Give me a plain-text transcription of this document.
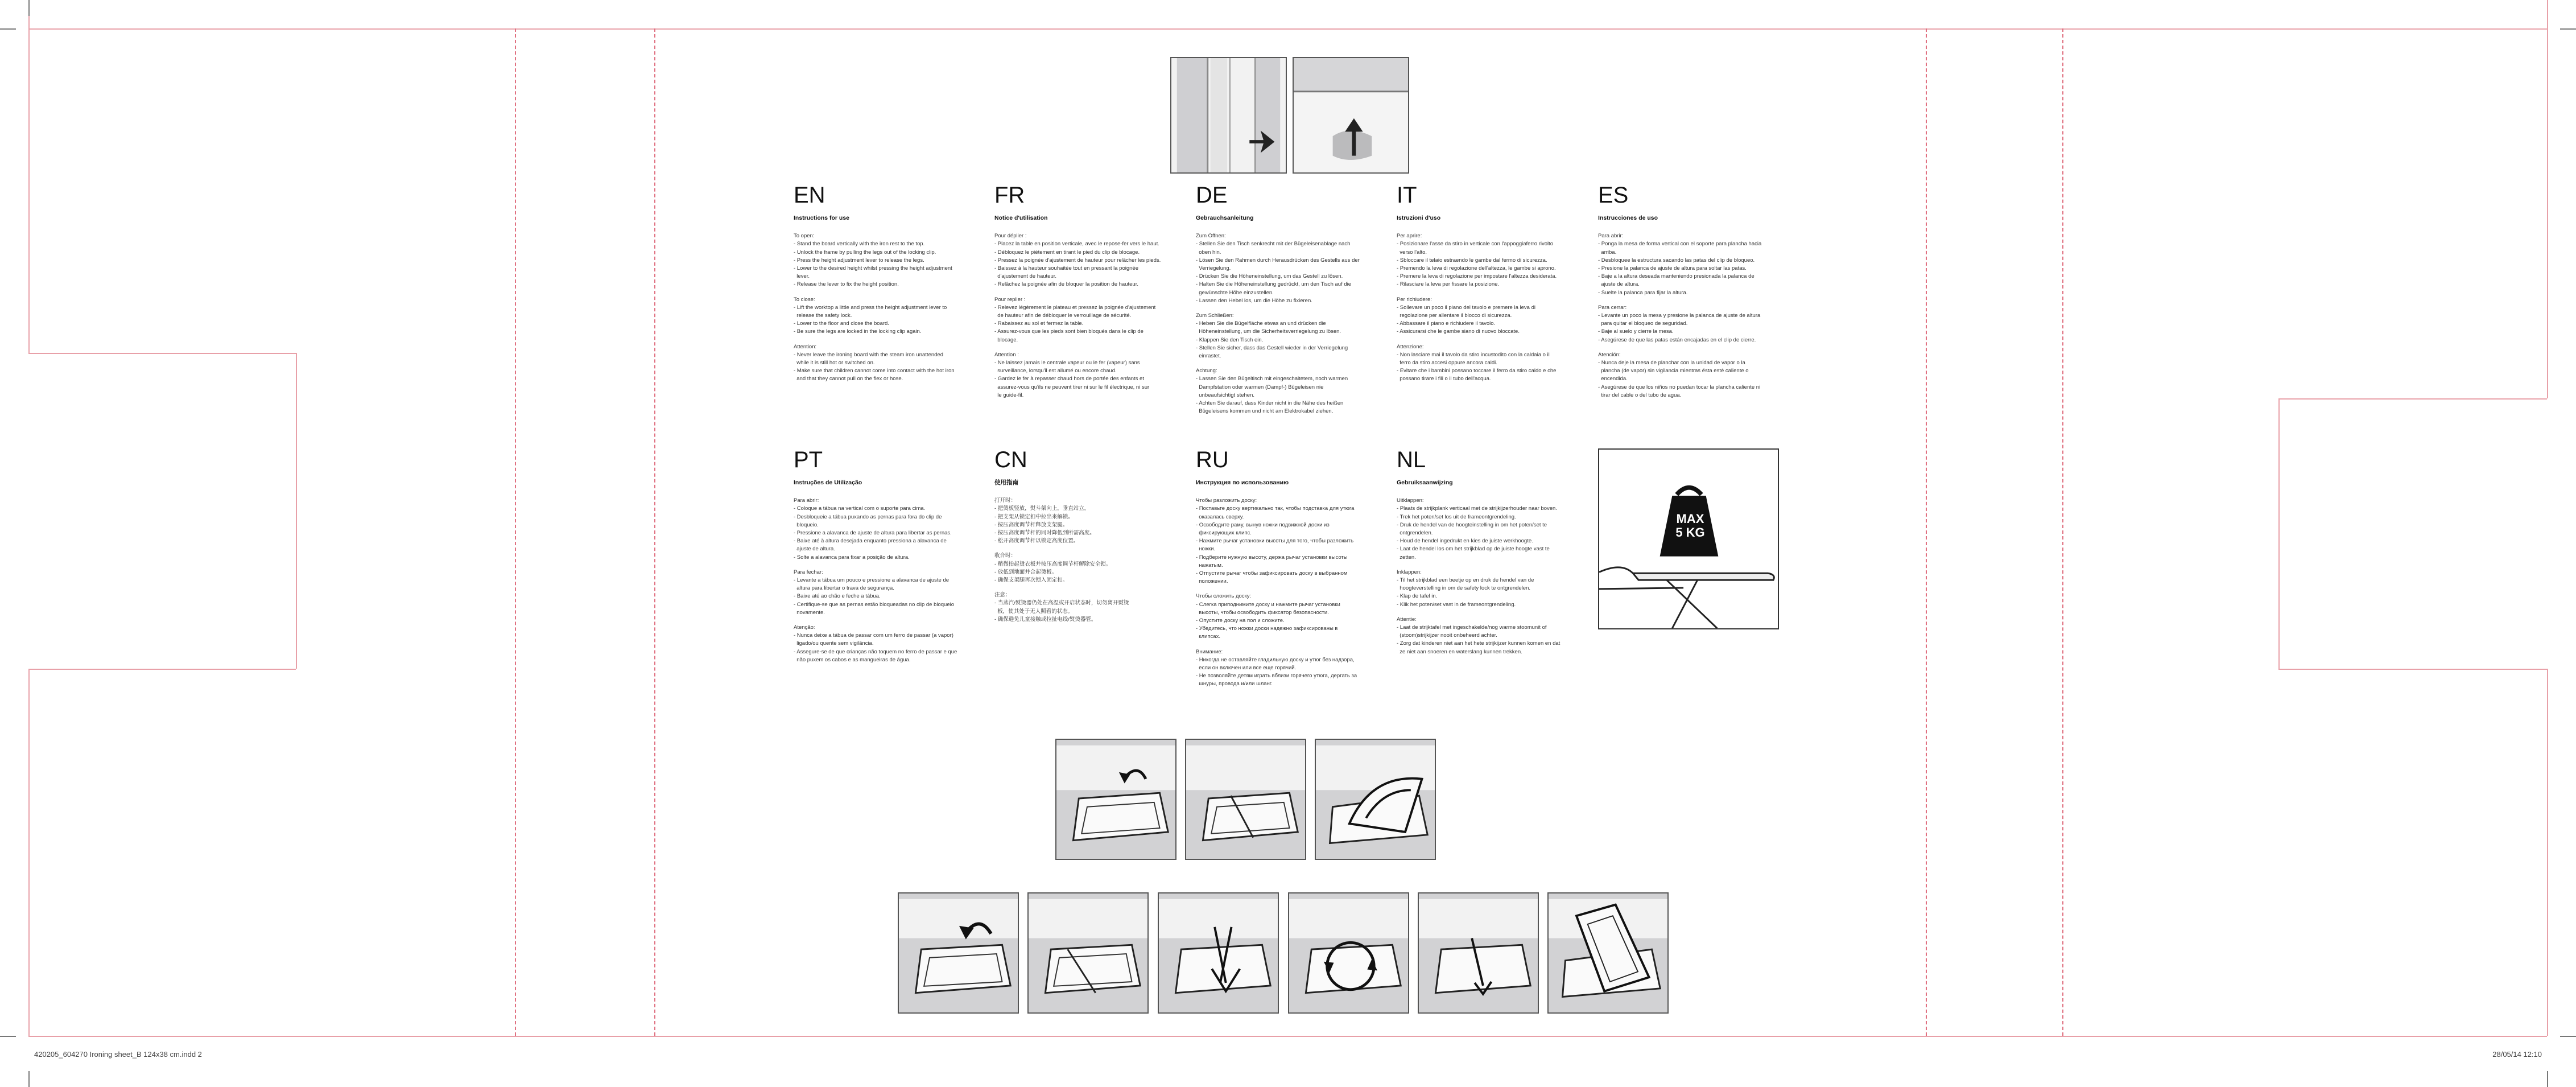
EN
Instructions for use
To open:
- Stand the board vertically with the iron rest to the top.
- Unlock the frame by pulling the legs out of the locking clip.
- Press the height adjustment lever to release the legs.
- Lower to the desired height whilst pressing the height adjustment
lever.
- Release the lever to fix the height position.
To close:
- Lift the worktop a little and press the height adjustment lever to
release the safety lock.
- Lower to the floor and close the board.
- Be sure the legs are locked in the locking clip again.
Attention:
- Never leave the ironing board with the steam iron unattended
while it is still hot or switched on.
- Make sure that children cannot come into contact with the hot iron
and that they cannot pull on the flex or hose.
FR
Notice d'utilisation
Pour déplier :
- Placez la table en position verticale, avec le repose-fer vers le haut.
- Débloquez le piètement en tirant le pied du clip de blocage.
- Pressez la poignée d'ajustement de hauteur pour relâcher les pieds.
- Baissez à la hauteur souhaitée tout en pressant la poignée
d'ajustement de hauteur.
- Relâchez la poignée afin de bloquer la position de hauteur.
Pour replier :
- Relevez légèrement le plateau et pressez la poignée d'ajustement
de hauteur afin de débloquer le verrouillage de sécurité.
- Rabaissez au sol et fermez la table.
- Assurez-vous que les pieds sont bien bloqués dans le clip de
blocage.
Attention :
- Ne laissez jamais le centrale vapeur ou le fer (vapeur) sans
surveillance, lorsqu'il est allumé ou encore chaud.
- Gardez le fer à repasser chaud hors de portée des enfants et
assurez-vous qu'ils ne peuvent tirer ni sur le fil électrique, ni sur
le guide-fil.
DE
Gebrauchsanleitung
Zum Öffnen:
- Stellen Sie den Tisch senkrecht mit der Bügeleisenablage nach
oben hin.
- Lösen Sie den Rahmen durch Herausdrücken des Gestells aus der
Verriegelung.
- Drücken Sie die Höheneinstellung, um das Gestell zu lösen.
- Halten Sie die Höheneinstellung gedrückt, um den Tisch auf die
gewünschte Höhe einzustellen.
- Lassen den Hebel los, um die Höhe zu fixieren.
Zum Schließen:
- Heben Sie die Bügelfläche etwas an und drücken die
Höheneinstellung, um die Sicherheitsverriegelung zu lösen.
- Klappen Sie den Tisch ein.
- Stellen Sie sicher, dass das Gestell wieder in der Verriegelung
einrastet.
Achtung:
- Lassen Sie den Bügeltisch mit eingeschaltetem, noch warmen
Dampfstation oder warmen (Dampf-) Bügeleisen nie
unbeaufsichtigt stehen.
- Achten Sie darauf, dass Kinder nicht in die Nähe des heißen
Bügeleisens kommen und nicht am Elektrokabel ziehen.
IT
Istruzioni d'uso
Per aprire:
- Posizionare l'asse da stiro in verticale con l'appoggiaferro rivolto
verso l'alto.
- Sbloccare il telaio estraendo le gambe dal fermo di sicurezza.
- Premendo la leva di regolazione dell'altezza, le gambe si aprono.
- Premere la leva di regolazione per impostare l'altezza desiderata.
- Rilasciare la leva per fissare la posizione.
Per richiudere:
- Sollevare un poco il piano del tavolo e premere la leva di
regolazione per allentare il blocco di sicurezza.
- Abbassare il piano e richiudere il tavolo.
- Assicurarsi che le gambe siano di nuovo bloccate.
Attenzione:
- Non lasciare mai il tavolo da stiro incustodito con la caldaia o il
ferro da stiro accesi oppure ancora caldi.
- Evitare che i bambini possano toccare il ferro da stiro caldo e che
possano tirare i fili o il tubo dell'acqua.
ES
Instrucciones de uso
Para abrir:
- Ponga la mesa de forma vertical con el soporte para plancha hacia
arriba.
- Desbloquee la estructura sacando las patas del clip de bloqueo.
- Presione la palanca de ajuste de altura para soltar las patas.
- Baje a la altura deseada manteniendo presionada la palanca de
ajuste de altura.
- Suelte la palanca para fijar la altura.
Para cerrar:
- Levante un poco la mesa y presione la palanca de ajuste de altura
para quitar el bloqueo de seguridad.
- Baje al suelo y cierre la mesa.
- Asegúrese de que las patas están encajadas en el clip de cierre.
Atención:
- Nunca deje la mesa de planchar con la unidad de vapor o la
plancha (de vapor) sin vigilancia mientras ésta esté caliente o
encendida.
- Asegúrese de que los niños no puedan tocar la plancha caliente ni
tirar del cable o del tubo de agua.
PT
Instruções de Utilização
Para abrir:
- Coloque a tábua na vertical com o suporte para cima.
- Desbloqueie a tábua puxando as pernas para fora do clip de
bloqueio.
- Pressione a alavanca de ajuste de altura para libertar as pernas.
- Baixe até à altura desejada enquanto pressiona a alavanca de
ajuste de altura.
- Solte a alavanca para fixar a posição de altura.
Para fechar:
- Levante a tábua um pouco e pressione a alavanca de ajuste de
altura para libertar o trava de segurança.
- Baixe até ao chão e feche a tábua.
- Certifique-se que as pernas estão bloqueadas no clip de bloqueio
novamente.
Atenção:
- Nunca deixe a tábua de passar com um ferro de passar (a vapor)
ligado/ou quente sem vigilância.
- Assegure-se de que crianças não toquem no ferro de passar e que
não puxem os cabos e as mangueiras de água.
CN
使用指南
打开时：
- 把烫板竖放，熨斗架向上，垂直站立。
- 把支架从锁定扣中拉出来解锁。
- 按压高度调节杆释放支架腿。
- 按压高度调节杆的同时降低到所需高度。
- 松开高度调节杆以锁定高度位置。
收合时：
- 稍微抬起烫衣板并按压高度调节杆解除安全锁。
- 放低到地面并合起烫板。
- 确保支架腿再次锁入固定扣。
注意：
- 当蒸汽/熨烫器仍处在高温或开启状态时，切勿离开熨烫
板，使其处于无人照看的状态。
- 确保避免儿童接触或拉扯电线/熨烫器管。
RU
Инструкция по использованию
Чтобы разложить доску:
- Поставьте доску вертикально так, чтобы подставка для утюга
оказалась сверху.
- Освободите раму, вынув ножки подвижной доски из
фиксирующих клипс.
- Нажмите рычаг установки высоты для того, чтобы разложить
ножки.
- Подберите нужную высоту, держа рычаг установки высоты
нажатым.
- Отпустите рычаг чтобы зафиксировать доску в выбранном
положении.
Чтобы сложить доску:
- Слегка приподнимите доску и нажмите рычаг установки
высоты, чтобы освободить фиксатор безопасности.
- Опустите доску на пол и сложите.
- Убедитесь, что ножки доски надежно зафиксированы в
клипсах.
Внимание:
- Никогда не оставляйте гладильную доску и утюг без надзора,
если он включен или все еще горячий.
- Не позволяйте детям играть вблизи горячего утюга, дергать за
шнуры, провода и/или шланг.
NL
Gebruiksaanwijzing
Uitklappen:
- Plaats de strijkplank verticaal met de strijkijzerhouder naar boven.
- Trek het poten/set los uit de frameontgrendeling.
- Druk de hendel van de hoogteinstelling in om het poten/set te
ontgrendelen.
- Houd de hendel ingedrukt en kies de juiste werkhoogte.
- Laat de hendel los om het strijkblad op de juiste hoogte vast te
zetten.
Inklappen:
- Til het strijkblad een beetje op en druk de hendel van de
hoogteverstelling in om de safety lock te ontgrendelen.
- Klap de tafel in.
- Klik het poten/set vast in de frameontgrendeling.
Attentie:
- Laat de strijktafel met ingeschakelde/nog warme stoomunit of
(stoom)strijkijzer nooit onbeheerd achter.
- Zorg dat kinderen niet aan het hete strijkijzer kunnen komen en dat
ze niet aan snoeren en waterslang kunnen trekken.
MAX
5 KG
420205_604270 Ironing sheet_B 124x38 cm.indd 2	28/05/14 12:10
